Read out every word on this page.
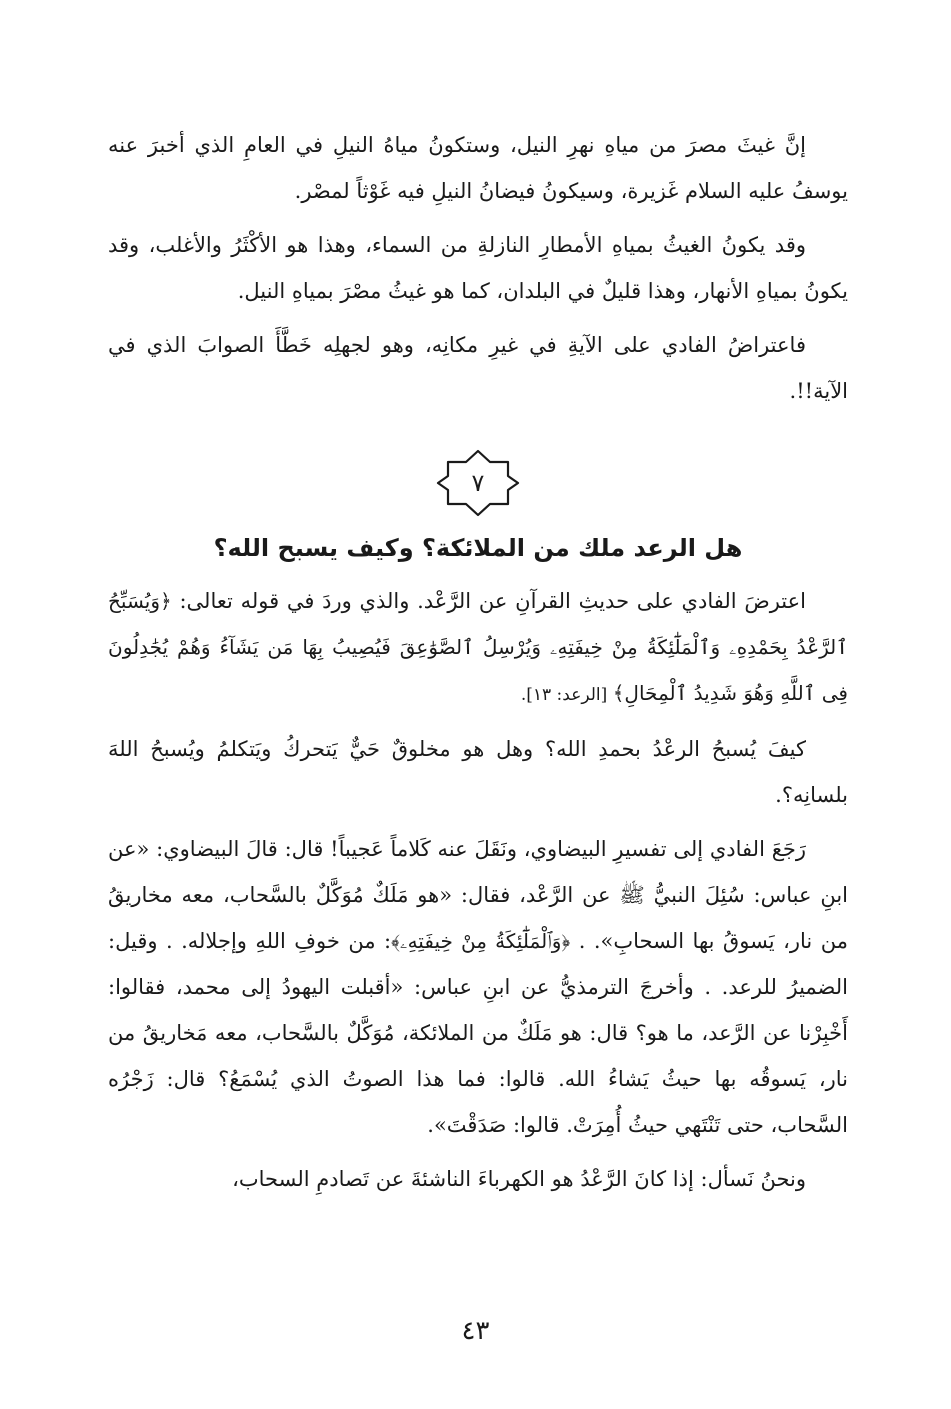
إنَّ غيثَ مصرَ من مياهِ نهرِ النيل، وستكونُ مياهُ النيلِ في العامِ الذي أخبرَ عنه يوسفُ عليه السلام غَزيرة، وسيكونُ فيضانُ النيلِ فيه غَوْثاً لمصْر.

وقد يكونُ الغيثُ بمياهِ الأمطارِ النازلةِ من السماء، وهذا هو الأكْثَرُ والأغلب، وقد يكونُ بمياهِ الأنهار، وهذا قليلٌ في البلدان، كما هو غيثُ مصْرَ بمياهِ النيل.

فاعتراضُ الفادي على الآيةِ في غيرِ مكانِه، وهو لجهلِه خَطَّأَ الصوابَ الذي في الآية!!.

٧
هل الرعد ملك من الملائكة؟ وكيف يسبح الله؟

اعترضَ الفادي على حديثِ القرآنِ عن الرَّعْد. والذي وردَ في قوله تعالى: ﴿وَيُسَبِّحُ ٱلرَّعْدُ بِحَمْدِهِۦ وَٱلْمَلَٰٓئِكَةُ مِنْ خِيفَتِهِۦ وَيُرْسِلُ ٱلصَّوَٰعِقَ فَيُصِيبُ بِهَا مَن يَشَآءُ وَهُمْ يُجَٰدِلُونَ فِى ٱللَّهِ وَهُوَ شَدِيدُ ٱلْمِحَالِ﴾ [الرعد: ١٣].

كيفَ يُسبحُ الرعْدُ بحمدِ الله؟ وهل هو مخلوقٌ حَيٌّ يَتحركُ ويَتكلمُ ويُسبحُ اللهَ بلسانِه؟.

رَجَعَ الفادي إلى تفسيرِ البيضاوي، ونَقَلَ عنه كَلاماً عَجيباً! قال: قالَ البيضاوي: «عن ابنِ عباس: سُئِلَ النبيُّ ﷺ عن الرَّعْد، فقال: «هو مَلَكٌ مُوَكَّلٌ بالسَّحاب، معه مخاريقُ من نار، يَسوقُ بها السحابِ». . ﴿وَٱلْمَلَٰٓئِكَةُ مِنْ خِيفَتِهِۦ﴾: من خوفِ اللهِ وإجلاله. . وقيل: الضميرُ للرعد. . وأخرجَ الترمذيُّ عن ابنِ عباس: «أقبلت اليهودُ إلى محمد، فقالوا: أَخْبِرْنا عن الرَّعد، ما هو؟ قال: هو مَلَكٌ من الملائكة، مُوَكَّلٌ بالسَّحاب، معه مَخاريقُ من نار، يَسوقُه بها حيثُ يَشاءُ الله. قالوا: فما هذا الصوتُ الذي يُسْمَعُ؟ قال: زَجْرُه السَّحاب، حتى تَنْتَهي حيثُ أُمِرَتْ. قالوا: صَدَقْتَ».

ونحنُ نَسأل: إذا كانَ الرَّعْدُ هو الكهرباءَ الناشئةَ عن تَصادمِ السحاب،

٤٣
